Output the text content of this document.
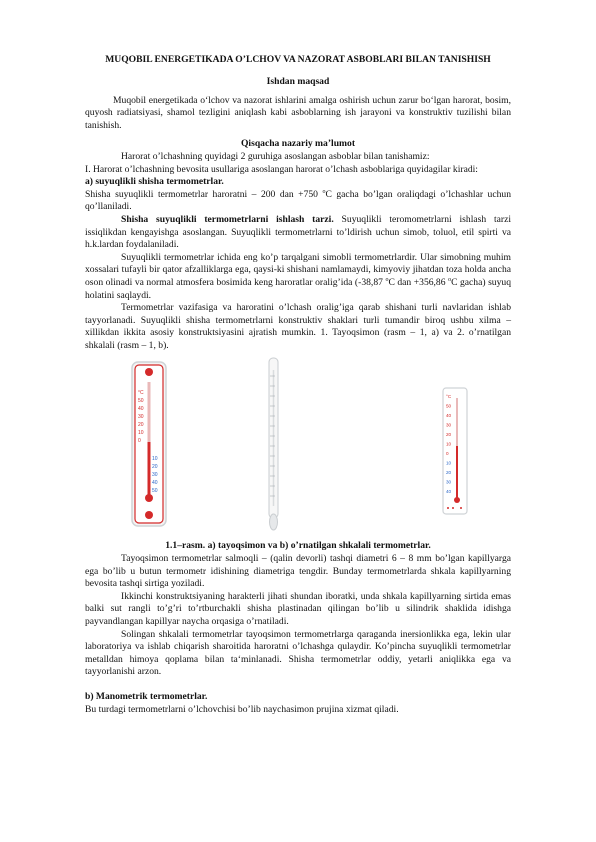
MUQOBIL ENERGETIKADA O’LCHOV VA NAZORAT ASBOBLARI BILAN TANISHISH
Ishdan maqsad

Muqobil energetikada o‘lchov va nazorat ishlarini amalga oshirish uchun zarur bo‘lgan harorat, bosim, quyosh radiatsiyasi, shamol tezligini aniqlash kabi asboblarning ish jarayoni va konstruktiv tuzilishi bilan tanishish.

Qisqacha nazariy ma’lumot

Harorat o’lchashning quyidagi 2 guruhiga asoslangan asboblar bilan tanishamiz:

I. Harorat o’lchashning bevosita usullariga asoslangan harorat o’lchash asboblariga quyidagilar kiradi:

a) suyuqlikli shisha termometrlar.

Shisha suyuqlikli termometrlar haroratni – 200 dan +750 $^o$C gacha bo’lgan oraliqdagi o’lchashlar uchun qo’llaniladi.

Shisha suyuqlikli termometrlarni ishlash tarzi. Suyuqlikli teromometrlarni ishlash tarzi issiqlikdan kengayishga asoslangan. Suyuqlikli termometrlarni to’ldirish uchun simob, toluol, etil spirti va h.k.lardan foydalaniladi.

Suyuqlikli termometrlar ichida eng ko’p tarqalgani simobli termometrlardir. Ular simobning muhim xossalari tufayli bir qator afzalliklarga ega, qaysi-ki shishani namlamaydi, kimyoviy jihatdan toza holda ancha oson olinadi va normal atmosfera bosimida keng haroratlar oralig’ida (-38,87 $^o$C dan +356,86 $^o$C gacha) suyuq holatini saqlaydi.

Termometrlar vazifasiga va haroratini o’lchash oralig’iga qarab shishani turli navlaridan ishlab tayyorlanadi. Suyuqlikli shisha termometrlarni konstruktiv shaklari turli tumandir biroq ushbu xilma – xillikdan ikkita asosiy konstruktsiyasini ajratish mumkin. 1. Tayoqsimon (rasm – 1, a) va 2. o’rnatilgan shkalali (rasm – 1, b).

°C
50
40
30
20
10
0
10
20
30
40
50
°C
50
40
30
20
10
0
10
20
30
40
1.1–rasm. a) tayoqsimon va b) o’rnatilgan shkalali termometrlar.

Tayoqsimon termometrlar salmoqli – (qalin devorli) tashqi diametri 6 – 8 mm bo’lgan kapillyarga ega bo’lib u butun termometr idishining diametriga tengdir. Bunday termometrlarda shkala kapillyarning bevosita tashqi sirtiga yoziladi.

Ikkinchi konstruktsiyaning harakterli jihati shundan iboratki, unda shkala kapillyarning sirtida emas balki sut rangli to’g’ri to’rtburchakli shisha plastinadan qilingan bo’lib u silindrik shaklida idishga payvandlangan kapillyar naycha orqasiga o’rnatiladi.

Solingan shkalali termometrlar tayoqsimon termometrlarga qaraganda inersionlikka ega, lekin ular laboratoriya va ishlab chiqarish sharoitida haroratni o’lchashga qulaydir. Ko’pincha suyuqlikli termometrlar metalldan himoya qoplama bilan ta‘minlanadi. Shisha termometrlar oddiy, yetarli aniqlikka ega va tayyorlanishi arzon.

b) Manometrik termometrlar.

Bu turdagi termometrlarni o’lchovchisi bo’lib naychasimon prujina xizmat qiladi.
